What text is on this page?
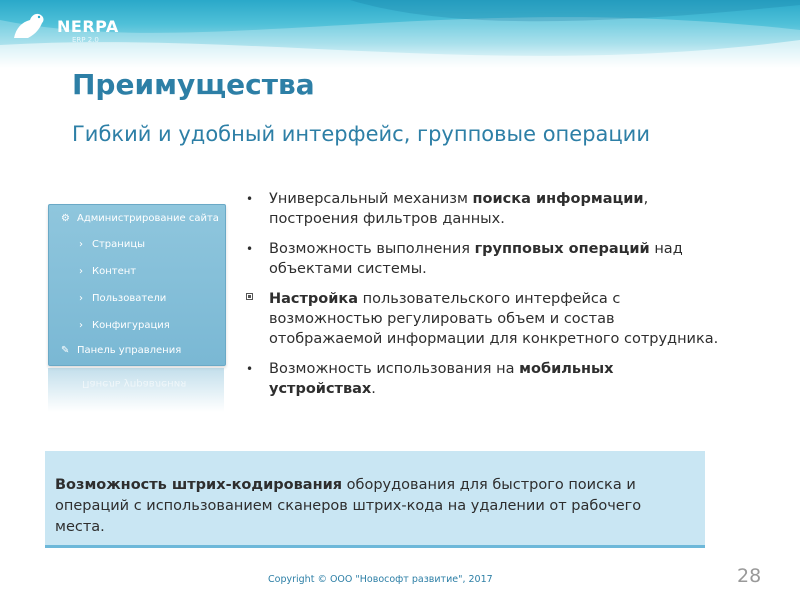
NERPA
ERP 2.0
Преимущества
Гибкий и удобный интерфейс, групповые операции
⚙ Администрирование сайта
› Страницы
› Контент
› Пользователи
› Конфигурация
✎ Панель управления
Панель управления
• Универсальный механизм поиска информации, построения фильтров данных.
• Возможность выполнения групповых операций над объектами системы.
Настройка пользовательского интерфейса с возможностью регулировать объем и состав отображаемой информации для конкретного сотрудника.
• Возможность использования на мобильных устройствах.
Возможность штрих-кодирования оборудования для быстрого поиска и операций с использованием сканеров штрих-кода на удалении от рабочего места.
Copyright © ООО "Новософт развитие", 2017	28
